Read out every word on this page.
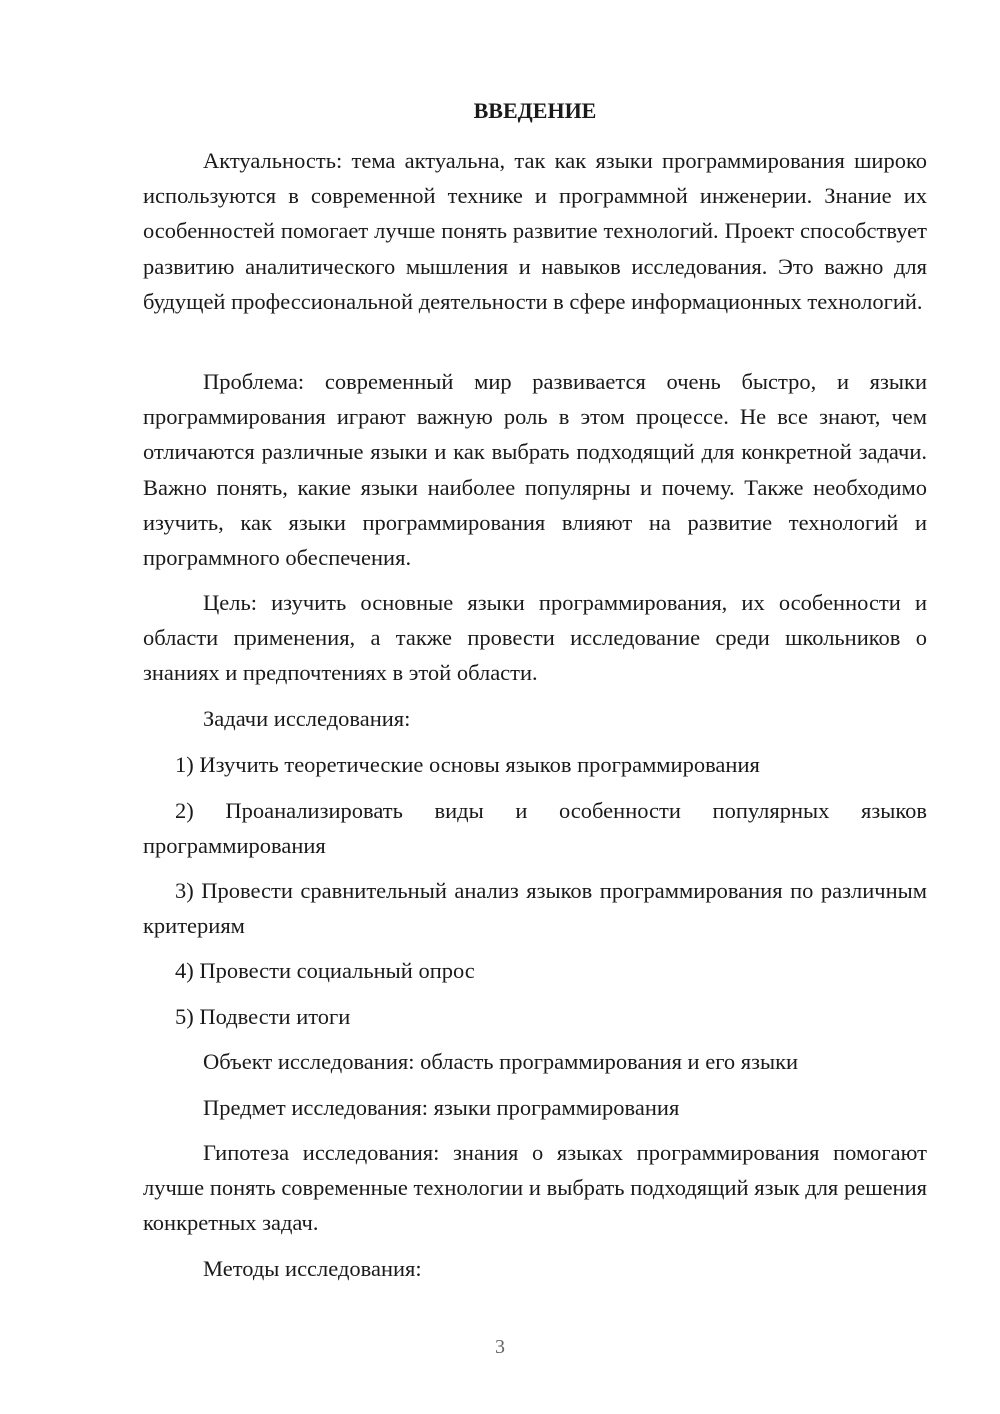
ВВЕДЕНИЕ

Актуальность: тема актуальна, так как языки программирования широко используются в современной технике и программной инженерии. Знание их особенностей помогает лучше понять развитие технологий. Проект способствует развитию аналитического мышления и навыков исследования. Это важно для будущей профессиональной деятельности в сфере информационных технологий.

Проблема: современный мир развивается очень быстро, и языки программирования играют важную роль в этом процессе. Не все знают, чем отличаются различные языки и как выбрать подходящий для конкретной задачи. Важно понять, какие языки наиболее популярны и почему. Также необходимо изучить, как языки программирования влияют на развитие технологий и программного обеспечения.

Цель: изучить основные языки программирования, их особенности и области применения, а также провести исследование среди школьников о знаниях и предпочтениях в этой области.

Задачи исследования:

1) Изучить теоретические основы языков программирования

2) Проанализировать виды и особенности популярных языков программирования

3) Провести сравнительный анализ языков программирования по различным критериям

4) Провести социальный опрос

5) Подвести итоги

Объект исследования: область программирования и его языки

Предмет исследования: языки программирования

Гипотеза исследования: знания о языках программирования помогают лучше понять современные технологии и выбрать подходящий язык для решения конкретных задач.

Методы исследования:

3
